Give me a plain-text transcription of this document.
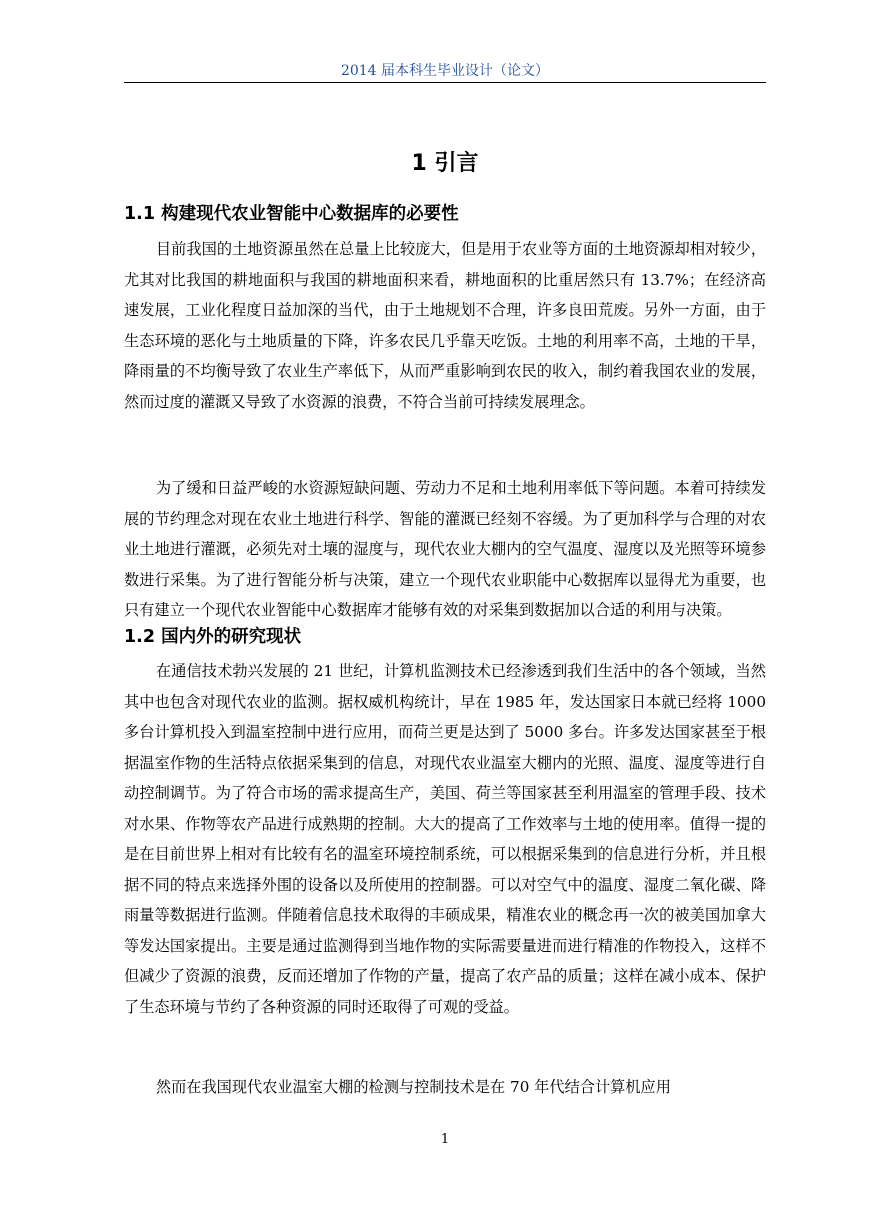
2014 届本科生毕业设计（论文）
1 引言
1.1 构建现代农业智能中心数据库的必要性

目前我国的土地资源虽然在总量上比较庞大，但是用于农业等方面的土地资源却相对较少，尤其对比我国的耕地面积与我国的耕地面积来看，耕地面积的比重居然只有 13.7%；在经济高速发展，工业化程度日益加深的当代，由于土地规划不合理，许多良田荒废。另外一方面，由于生态环境的恶化与土地质量的下降，许多农民几乎靠天吃饭。土地的利用率不高，土地的干旱，降雨量的不均衡导致了农业生产率低下，从而严重影响到农民的收入，制约着我国农业的发展，然而过度的灌溉又导致了水资源的浪费，不符合当前可持续发展理念。

为了缓和日益严峻的水资源短缺问题、劳动力不足和土地利用率低下等问题。本着可持续发展的节约理念对现在农业土地进行科学、智能的灌溉已经刻不容缓。为了更加科学与合理的对农业土地进行灌溉，必须先对土壤的湿度与，现代农业大棚内的空气温度、湿度以及光照等环境参数进行采集。为了进行智能分析与决策，建立一个现代农业职能中心数据库以显得尤为重要，也只有建立一个现代农业智能中心数据库才能够有效的对采集到数据加以合适的利用与决策。

1.2 国内外的研究现状

在通信技术勃兴发展的 21 世纪，计算机监测技术已经渗透到我们生活中的各个领域，当然其中也包含对现代农业的监测。据权威机构统计，早在 1985 年，发达国家日本就已经将 1000 多台计算机投入到温室控制中进行应用，而荷兰更是达到了 5000 多台。许多发达国家甚至于根据温室作物的生活特点依据采集到的信息，对现代农业温室大棚内的光照、温度、湿度等进行自动控制调节。为了符合市场的需求提高生产，美国、荷兰等国家甚至利用温室的管理手段、技术对水果、作物等农产品进行成熟期的控制。大大的提高了工作效率与土地的使用率。值得一提的是在目前世界上相对有比较有名的温室环境控制系统，可以根据采集到的信息进行分析，并且根据不同的特点来选择外围的设备以及所使用的控制器。可以对空气中的温度、湿度二氧化碳、降雨量等数据进行监测。伴随着信息技术取得的丰硕成果，精准农业的概念再一次的被美国加拿大等发达国家提出。主要是通过监测得到当地作物的实际需要量进而进行精准的作物投入，这样不但减少了资源的浪费，反而还增加了作物的产量，提高了农产品的质量；这样在减小成本、保护了生态环境与节约了各种资源的同时还取得了可观的受益。

然而在我国现代农业温室大棚的检测与控制技术是在 70 年代结合计算机应用

1
